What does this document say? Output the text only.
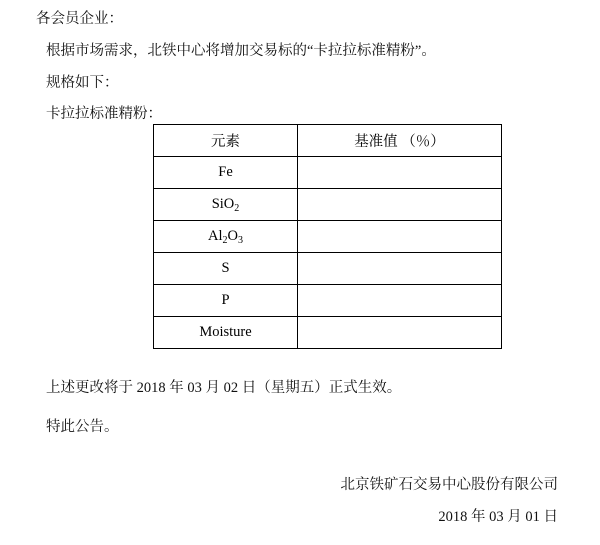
各会员企业：
根据市场需求，北铁中心将增加交易标的“卡拉拉标准精粉”。
规格如下：
卡拉拉标准精粉：
元素	基准值 （％）
Fe	
SiO$_2$	
$Al_2O_3$	
S	
P	
Moisture	
上述更改将于 2018 年 03 月 02 日（星期五）正式生效。
特此公告。
北京铁矿石交易中心股份有限公司
2018 年 03 月 01 日
